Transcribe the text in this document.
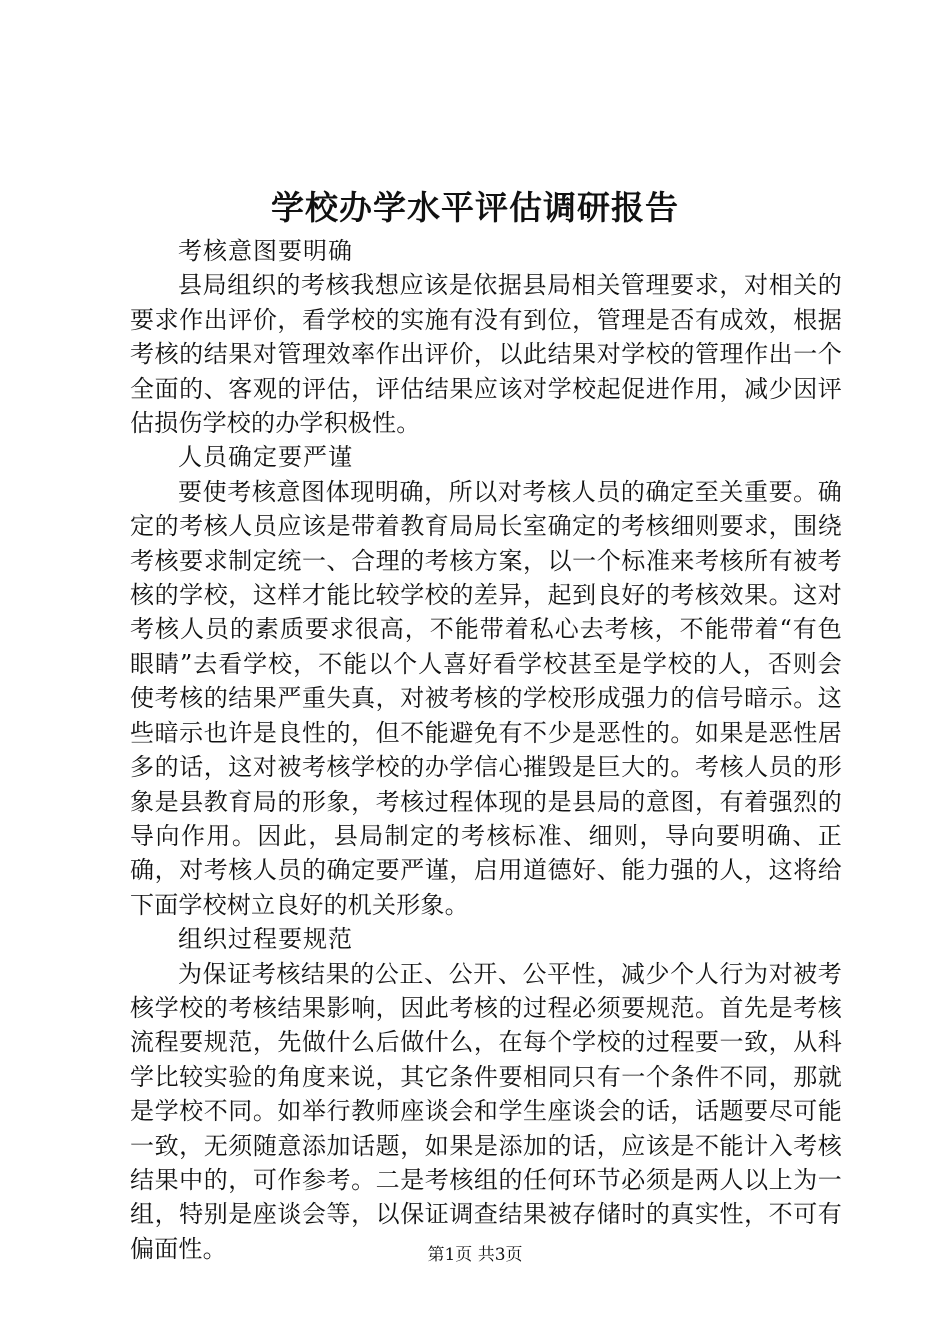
学校办学水平评估调研报告

考核意图要明确

县局组织的考核我想应该是依据县局相关管理要求，对相关的要求作出评价，看学校的实施有没有到位，管理是否有成效，根据考核的结果对管理效率作出评价，以此结果对学校的管理作出一个全面的、客观的评估，评估结果应该对学校起促进作用，减少因评估损伤学校的办学积极性。

人员确定要严谨

要使考核意图体现明确，所以对考核人员的确定至关重要。确定的考核人员应该是带着教育局局长室确定的考核细则要求，围绕考核要求制定统一、合理的考核方案，以一个标准来考核所有被考核的学校，这样才能比较学校的差异，起到良好的考核效果。这对考核人员的素质要求很高，不能带着私心去考核，不能带着“有色眼睛”去看学校，不能以个人喜好看学校甚至是学校的人，否则会使考核的结果严重失真，对被考核的学校形成强力的信号暗示。这些暗示也许是良性的，但不能避免有不少是恶性的。如果是恶性居多的话，这对被考核学校的办学信心摧毁是巨大的。考核人员的形象是县教育局的形象，考核过程体现的是县局的意图，有着强烈的导向作用。因此，县局制定的考核标准、细则，导向要明确、正确，对考核人员的确定要严谨，启用道德好、能力强的人，这将给下面学校树立良好的机关形象。

组织过程要规范

为保证考核结果的公正、公开、公平性，减少个人行为对被考核学校的考核结果影响，因此考核的过程必须要规范。首先是考核流程要规范，先做什么后做什么，在每个学校的过程要一致，从科学比较实验的角度来说，其它条件要相同只有一个条件不同，那就是学校不同。如举行教师座谈会和学生座谈会的话，话题要尽可能一致，无须随意添加话题，如果是添加的话，应该是不能计入考核结果中的，可作参考。二是考核组的任何环节必须是两人以上为一组，特别是座谈会等，以保证调查结果被存储时的真实性，不可有偏面性。	第1页 共3页
